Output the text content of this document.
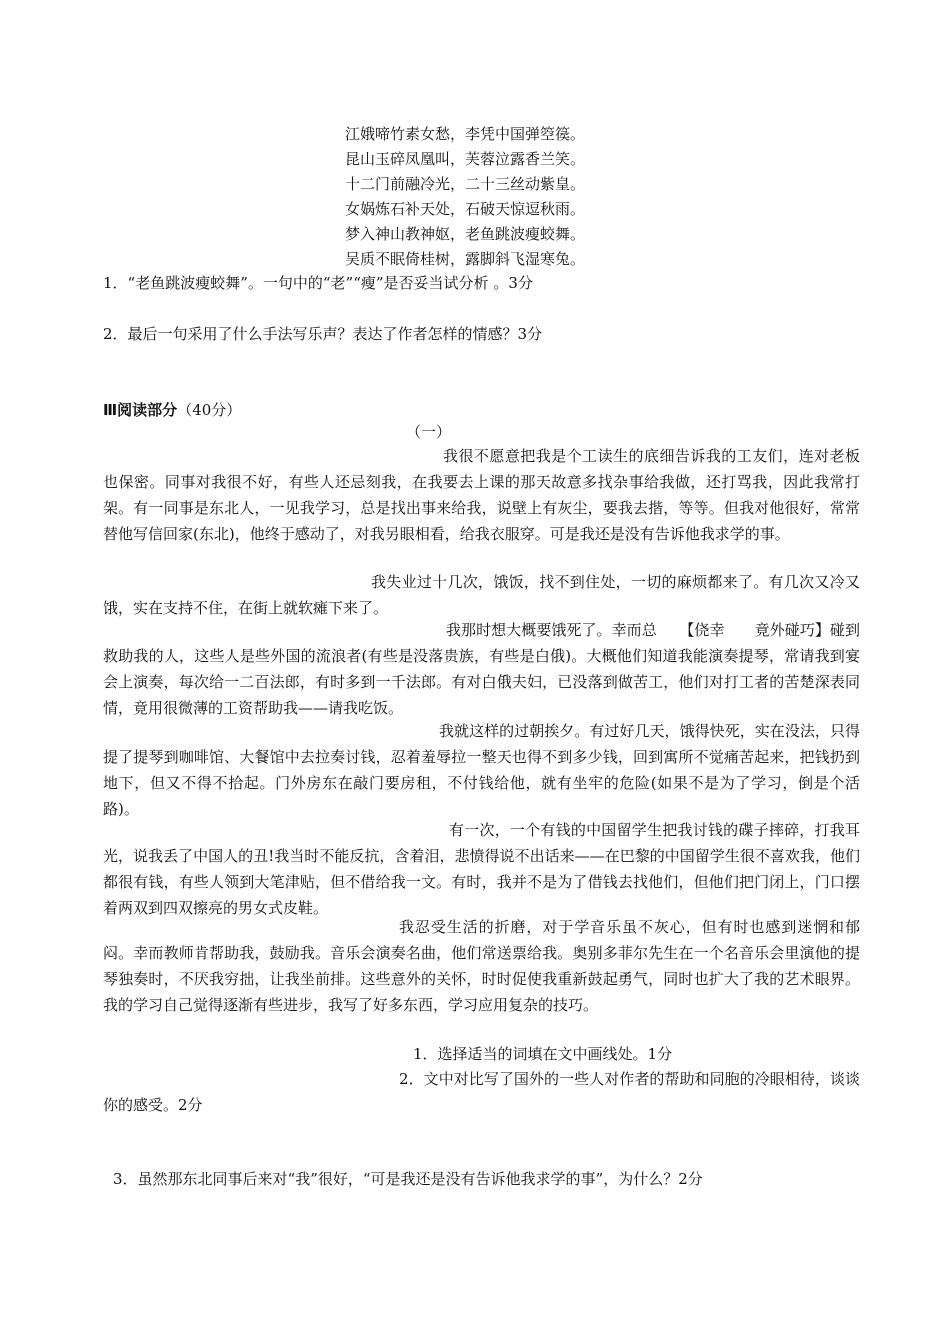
江娥啼竹素女愁，李凭中国弹箜篌。
昆山玉碎凤凰叫，芙蓉泣露香兰笑。
十二门前融冷光，二十三丝动紫皇。
女娲炼石补天处，石破天惊逗秋雨。
梦入神山教神妪，老鱼跳波瘦蛟舞。
吴质不眠倚桂树，露脚斜飞湿寒兔。
1．“老鱼跳波瘦蛟舞”。一句中的“老”“瘦”是否妥当试分析 。3分
2．最后一句采用了什么手法写乐声？表达了作者怎样的情感？3分
Ⅲ阅读部分（40分）
（一）

我很不愿意把我是个工读生的底细告诉我的工友们，连对老板也保密。同事对我很不好，有些人还忌刻我，在我要去上课的那天故意多找杂事给我做，还打骂我，因此我常打架。有一同事是东北人，一见我学习，总是找出事来给我，说壁上有灰尘，要我去揩，等等。但我对他很好，常常替他写信回家(东北)，他终于感动了，对我另眼相看，给我衣服穿。可是我还是没有告诉他我求学的事。

我失业过十几次，饿饭，找不到住处，一切的麻烦都来了。有几次又冷又饿，实在支持不住，在街上就软瘫下来了。

我那时想大概要饿死了。幸而总　　【侥幸　　竟外碰巧】碰到救助我的人，这些人是些外国的流浪者(有些是没落贵族，有些是白俄)。大概他们知道我能演奏提琴，常请我到宴会上演奏，每次给一二百法郎，有时多到一千法郎。有对白俄夫妇，已没落到做苦工，他们对打工者的苦楚深表同情，竟用很微薄的工资帮助我——请我吃饭。

我就这样的过朝挨夕。有过好几天，饿得快死，实在没法，只得提了提琴到咖啡馆、大餐馆中去拉奏讨钱，忍着羞辱拉一整天也得不到多少钱，回到寓所不觉痛苦起来，把钱扔到地下，但又不得不拾起。门外房东在敲门要房租，不付钱给他，就有坐牢的危险(如果不是为了学习，倒是个活路)。

有一次，一个有钱的中国留学生把我讨钱的碟子摔碎，打我耳光，说我丢了中国人的丑!我当时不能反抗，含着泪，悲愤得说不出话来——在巴黎的中国留学生很不喜欢我，他们都很有钱，有些人领到大笔津贴，但不借给我一文。有时，我并不是为了借钱去找他们，但他们把门闭上，门口摆着两双到四双擦亮的男女式皮鞋。

我忍受生活的折磨，对于学音乐虽不灰心，但有时也感到迷惘和郁闷。幸而教师肯帮助我，鼓励我。音乐会演奏名曲，他们常送票给我。奥别多菲尔先生在一个名音乐会里演他的提琴独奏时，不厌我穷拙，让我坐前排。这些意外的关怀，时时促使我重新鼓起勇气，同时也扩大了我的艺术眼界。我的学习自己觉得逐渐有些进步，我写了好多东西，学习应用复杂的技巧。

1．选择适当的词填在文中画线处。1分

2．文中对比写了国外的一些人对作者的帮助和同胞的冷眼相待，谈谈你的感受。2分

3．虽然那东北同事后来对“我”很好，“可是我还是没有告诉他我求学的事”，为什么？2分
